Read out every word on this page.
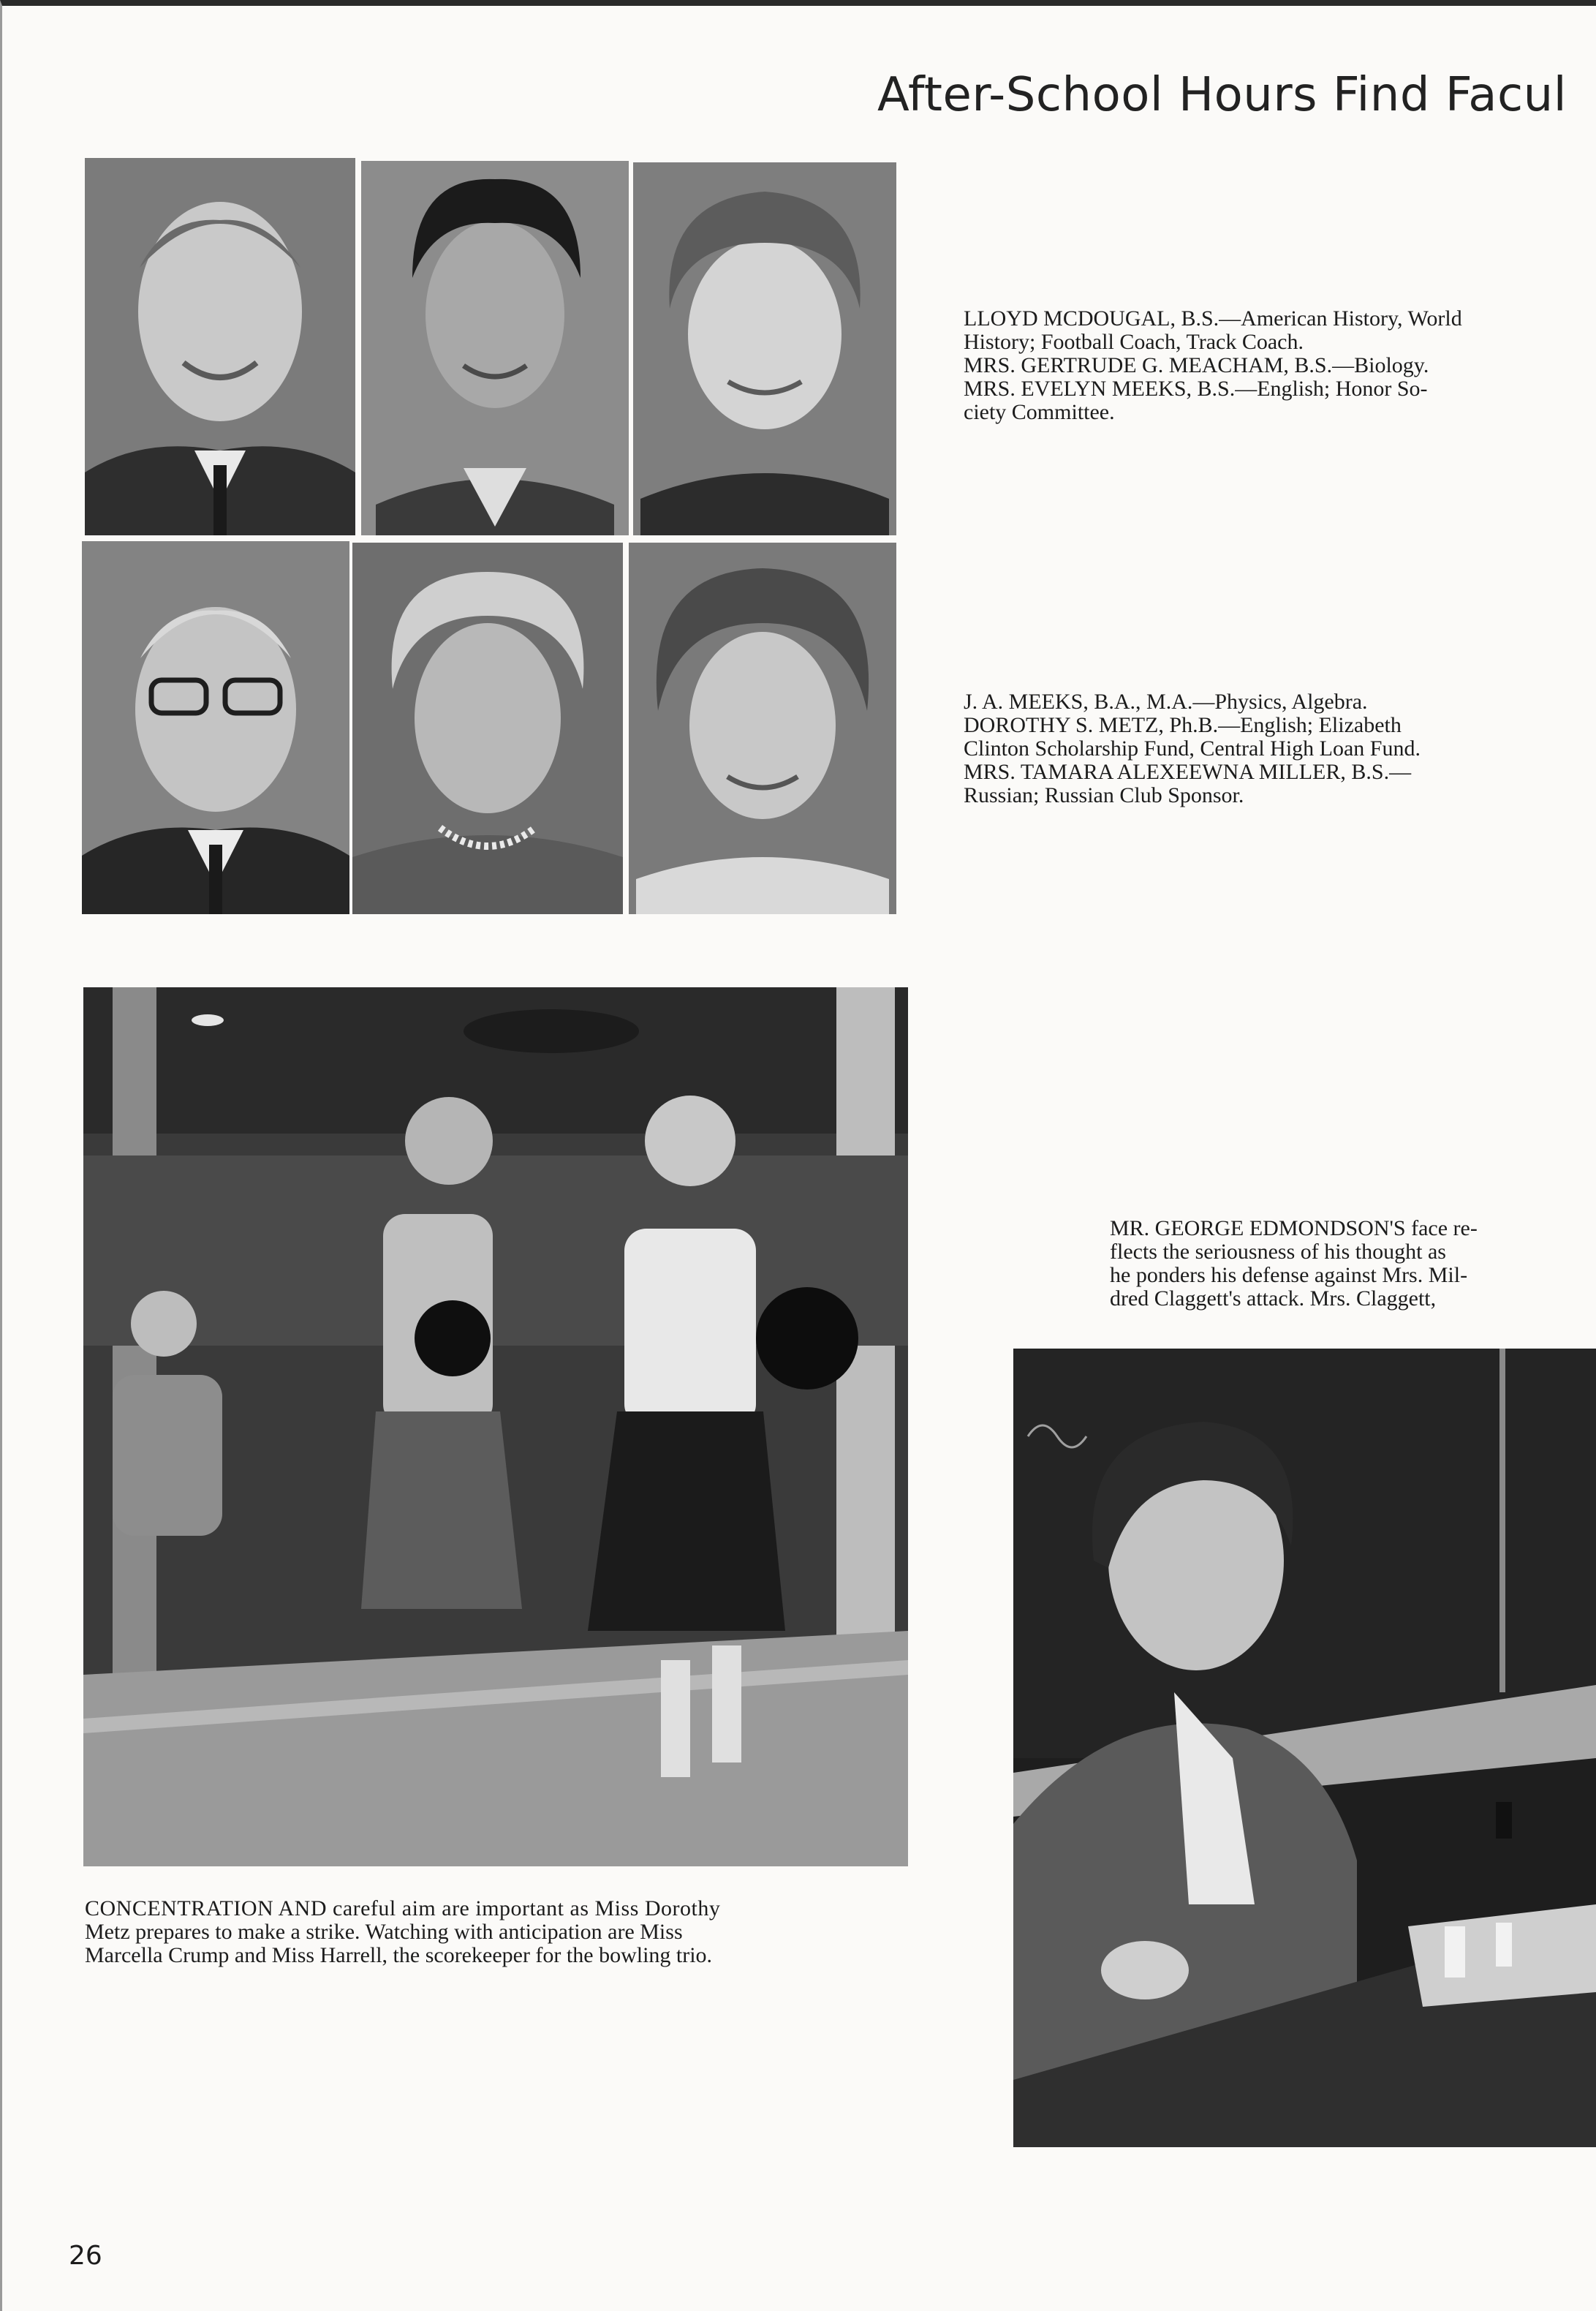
After-School Hours Find Facul
LLOYD MCDOUGAL, B.S.—American History, World
History; Football Coach, Track Coach.
MRS. GERTRUDE G. MEACHAM, B.S.—Biology.
MRS. EVELYN MEEKS, B.S.—English; Honor So-
ciety Committee.
J. A. MEEKS, B.A., M.A.—Physics, Algebra.
DOROTHY S. METZ, Ph.B.—English; Elizabeth
Clinton Scholarship Fund, Central High Loan Fund.
MRS. TAMARA ALEXEEWNA MILLER, B.S.—
Russian; Russian Club Sponsor.
CONCENTRATION AND careful aim are important as Miss Dorothy
Metz prepares to make a strike. Watching with anticipation are Miss
Marcella Crump and Miss Harrell, the scorekeeper for the bowling trio.
MR. GEORGE EDMONDSON'S face re-
flects the seriousness of his thought as
he ponders his defense against Mrs. Mil-
dred Claggett's attack. Mrs. Claggett,
26
